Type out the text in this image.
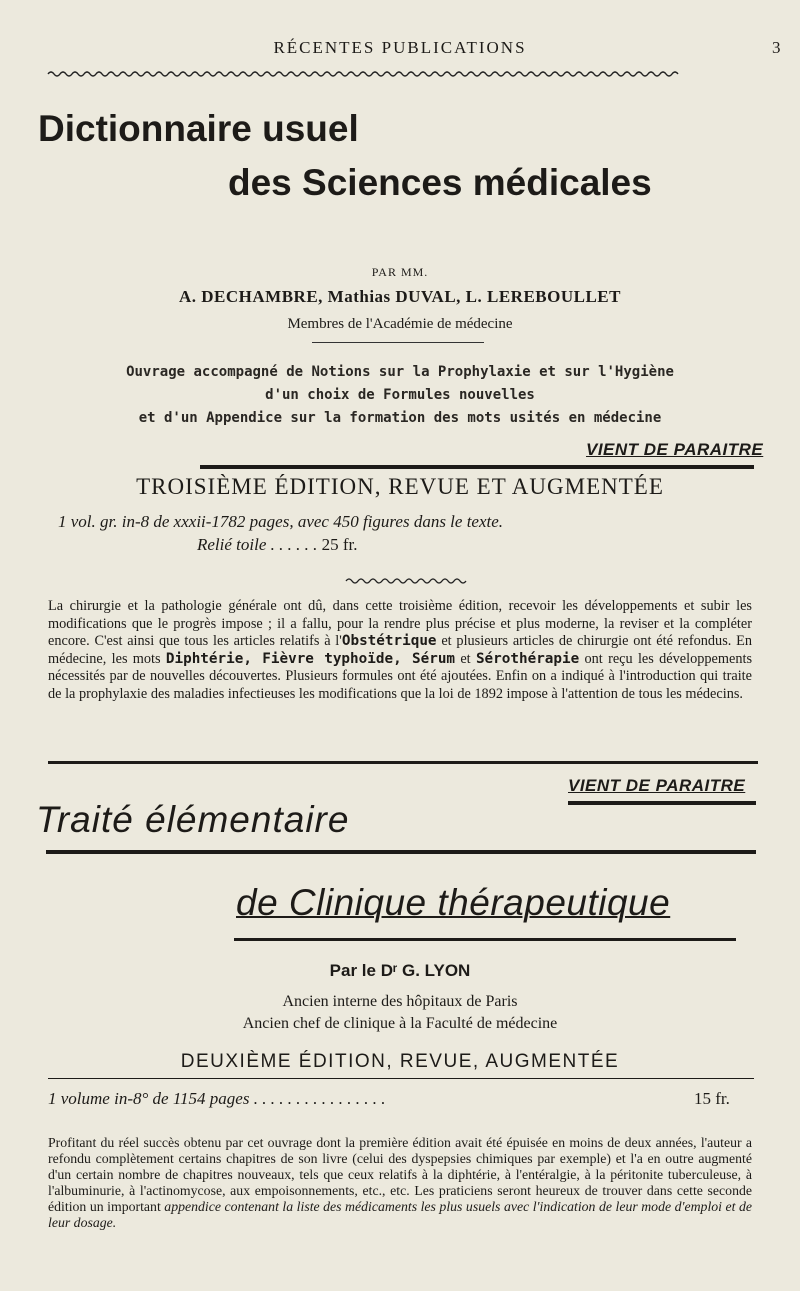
RÉCENTES PUBLICATIONS	3
Dictionnaire usuel
des Sciences médicales
PAR MM.
A. DECHAMBRE, Mathias DUVAL, L. LEREBOULLET
Membres de l'Académie de médecine
Ouvrage accompagné de Notions sur la Prophylaxie et sur l'Hygiène
d'un choix de Formules nouvelles
et d'un Appendice sur la formation des mots usités en médecine
VIENT DE PARAITRE
TROISIÈME ÉDITION, REVUE ET AUGMENTÉE
1 vol. gr. in-8 de xxxii-1782 pages, avec 450 figures dans le texte.
Relié toile . . . . . . 25 fr.

La chirurgie et la pathologie générale ont dû, dans cette troisième édition, recevoir les développements et subir les modifications que le progrès impose ; il a fallu, pour la rendre plus précise et plus moderne, la reviser et la compléter encore. C'est ainsi que tous les articles relatifs à l'Obstétrique et plusieurs articles de chirurgie ont été refondus. En médecine, les mots Diphtérie, Fièvre typhoïde, Sérum et Sérothérapie ont reçu les développements nécessités par de nouvelles découvertes. Plusieurs formules ont été ajoutées. Enfin on a indiqué à l'introduction qui traite de la prophylaxie des maladies infectieuses les modifications que la loi de 1892 impose à l'attention de tous les médecins.

VIENT DE PARAITRE
Traité élémentaire
de Clinique thérapeutique
Par le Dʳ G. LYON
Ancien interne des hôpitaux de Paris
Ancien chef de clinique à la Faculté de médecine
DEUXIÈME ÉDITION, REVUE, AUGMENTÉE
1 volume in-8° de 1154 pages . . . . . . . . . . . . . . . .	15 fr.

Profitant du réel succès obtenu par cet ouvrage dont la première édition avait été épuisée en moins de deux années, l'auteur a refondu complètement certains chapitres de son livre (celui des dyspepsies chimiques par exemple) et l'a en outre augmenté d'un certain nombre de chapitres nouveaux, tels que ceux relatifs à la diphtérie, à l'entéralgie, à la péritonite tuberculeuse, à l'albuminurie, à l'actinomycose, aux empoisonnements, etc., etc. Les praticiens seront heureux de trouver dans cette seconde édition un important appendice contenant la liste des médicaments les plus usuels avec l'indication de leur mode d'emploi et de leur dosage.
